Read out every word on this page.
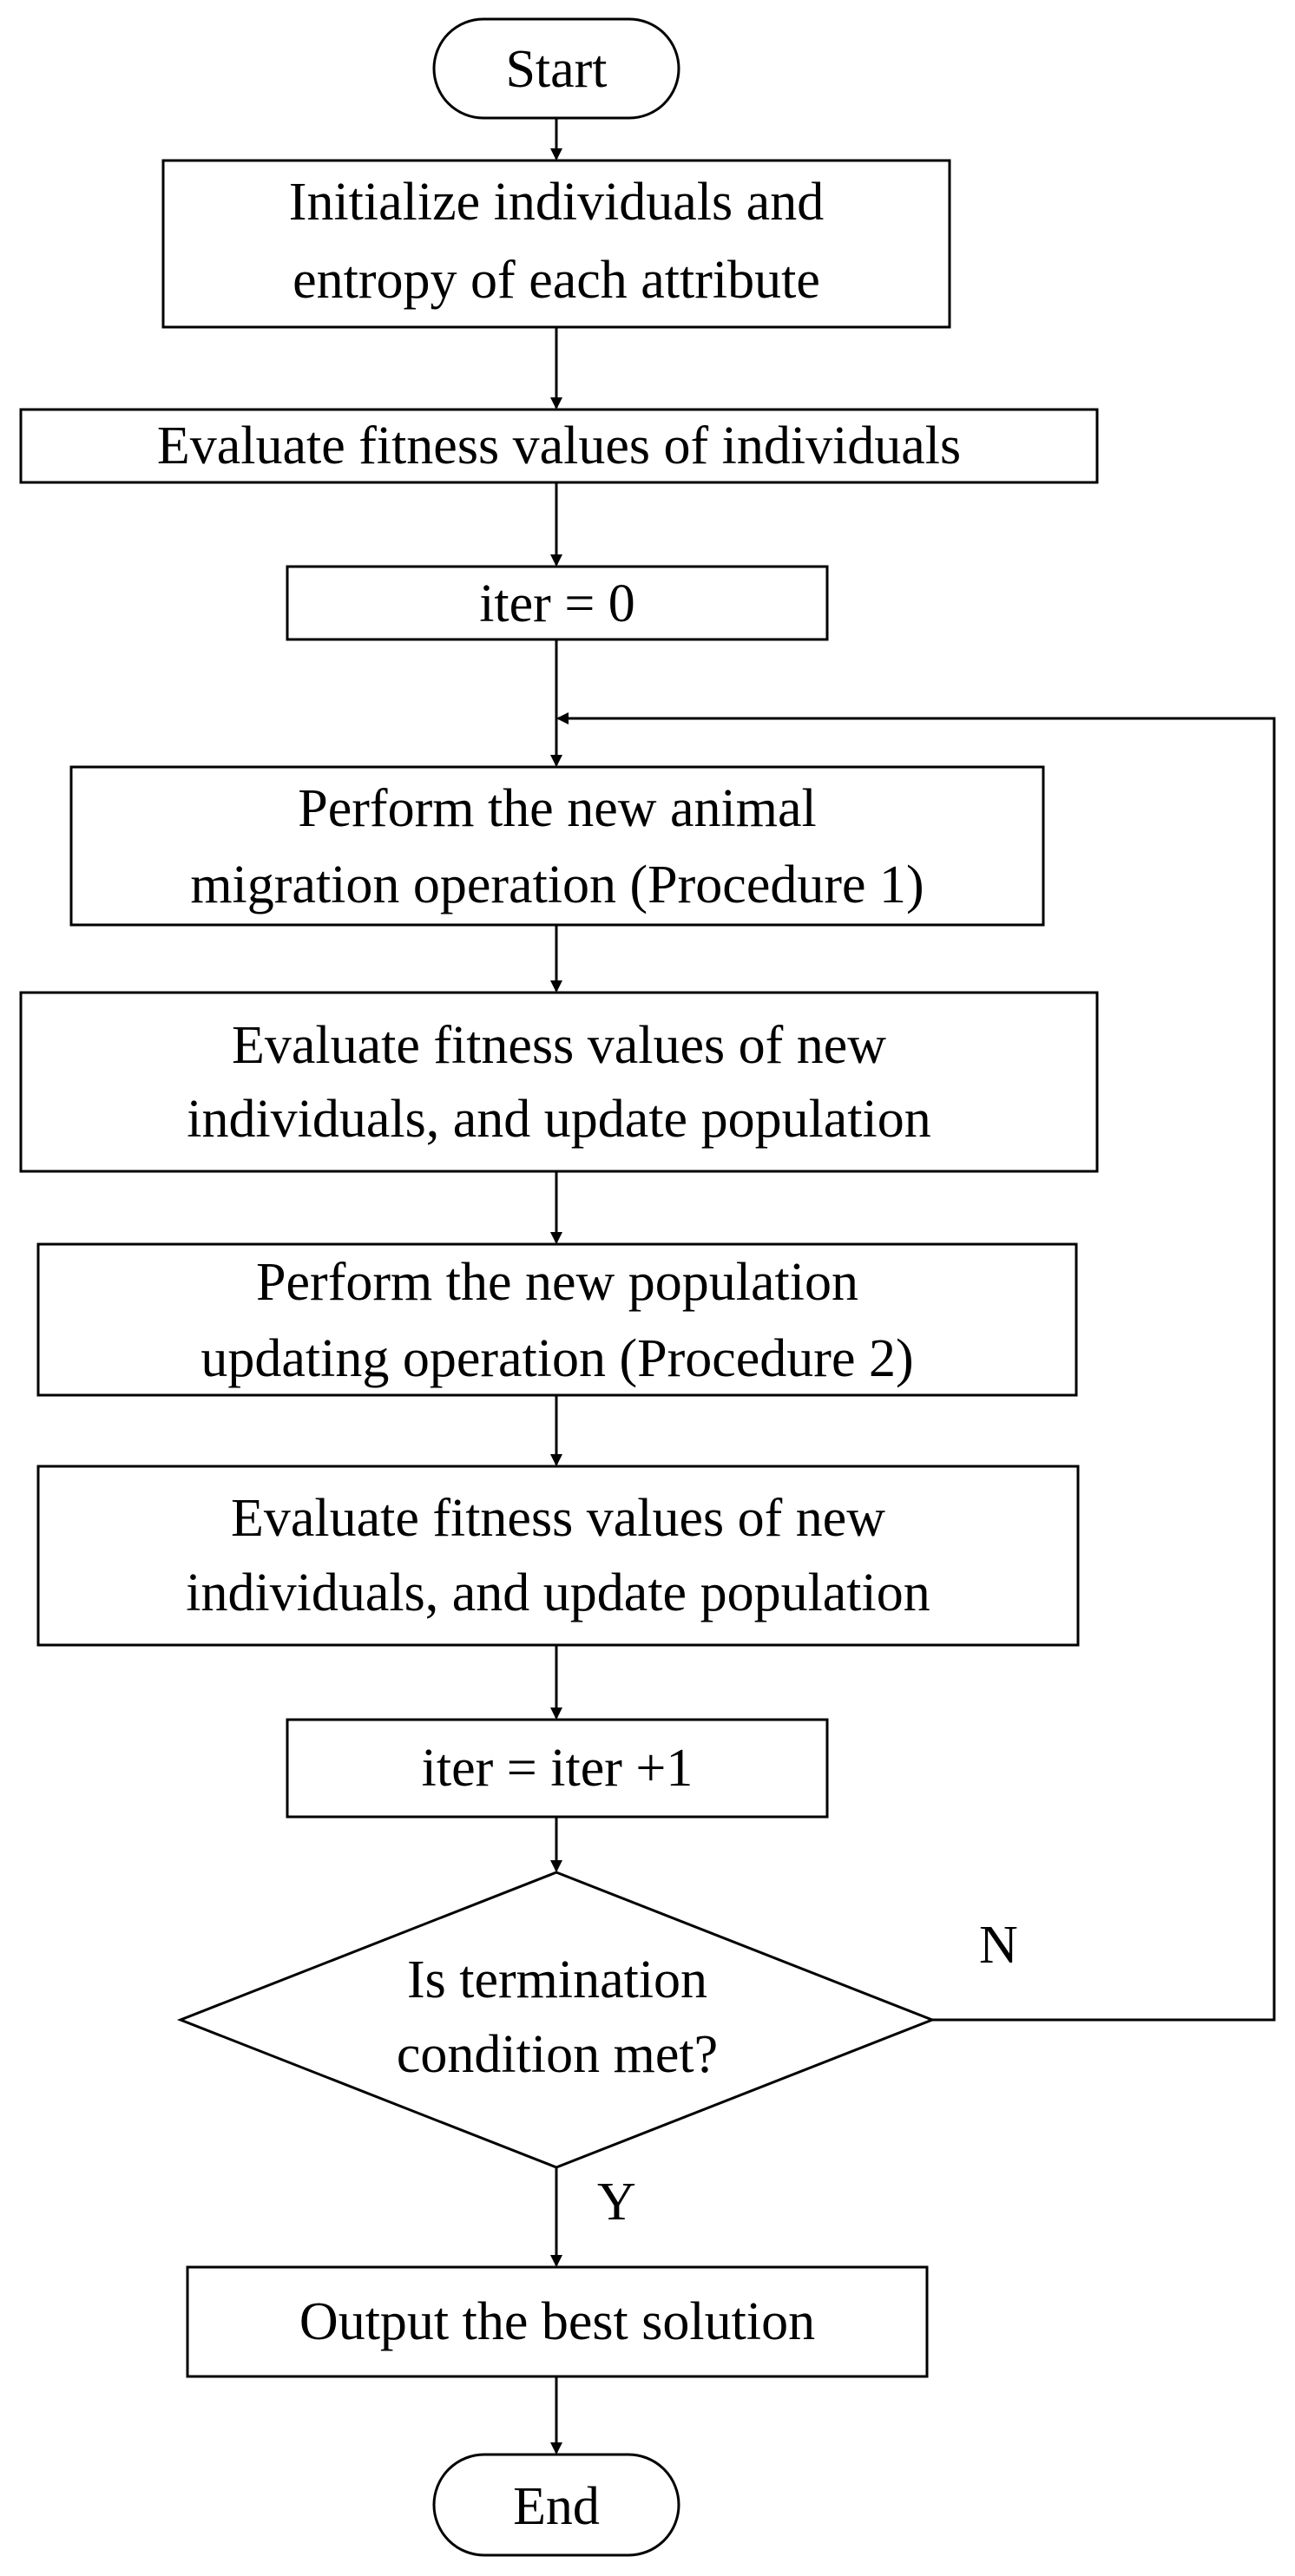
Start
Initialize individuals and
entropy of each attribute
Evaluate fitness values of individuals
iter = 0
Perform the new animal
migration operation (Procedure 1)
Evaluate fitness values of new
individuals, and update population
Perform the new population
updating operation (Procedure 2)
Evaluate fitness values of new
individuals, and update population
iter = iter +1
Is termination
condition met?
N
Y
Output the best solution
End
